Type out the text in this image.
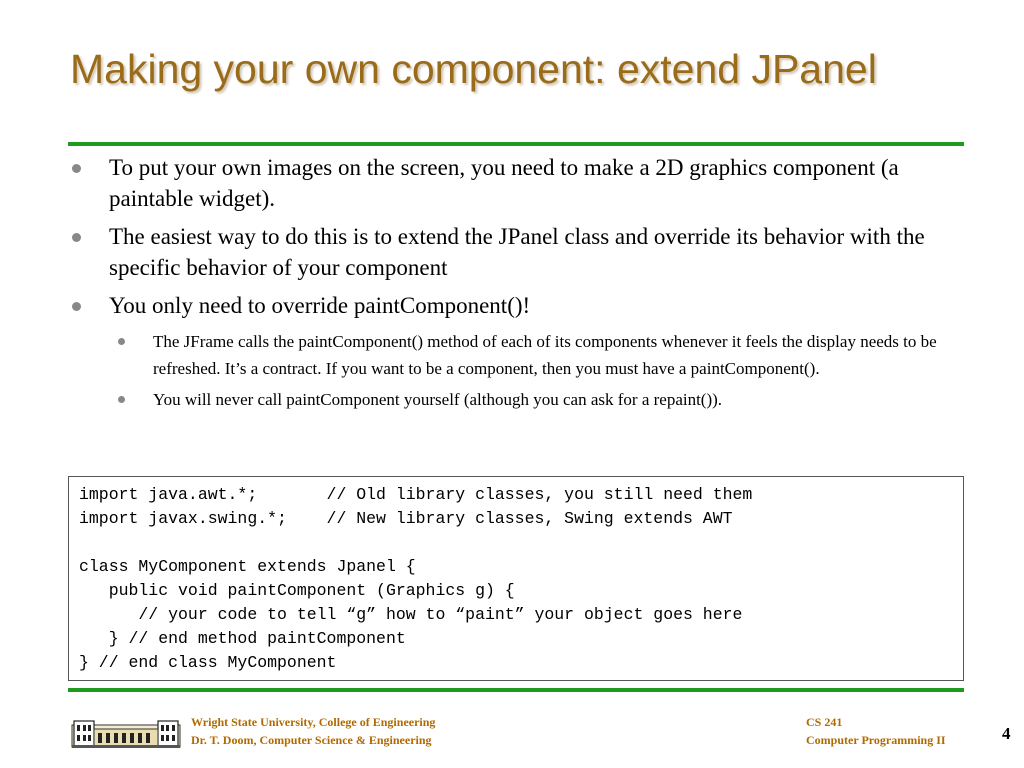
Making your own component: extend JPanel
To put your own images on the screen, you need to make a 2D graphics component (a paintable widget).
The easiest way to do this is to extend the JPanel class and override its behavior with the specific behavior of your component
You only need to override paintComponent()!
The JFrame calls the paintComponent() method of each of its components whenever it feels the display needs to be refreshed. It’s a contract. If you want to be a component, then you must have a paintComponent().
You will never call paintComponent yourself (although you can ask for a repaint()).
import java.awt.*;       // Old library classes, you still need them
import javax.swing.*;    // New library classes, Swing extends AWT

class MyComponent extends Jpanel {
public void paintComponent (Graphics g) {
// your code to tell “g” how to “paint” your object goes here
} // end method paintComponent
} // end class MyComponent
Wright State University, College of Engineering
Dr. T. Doom, Computer Science & Engineering
CS 241
Computer Programming II	4
